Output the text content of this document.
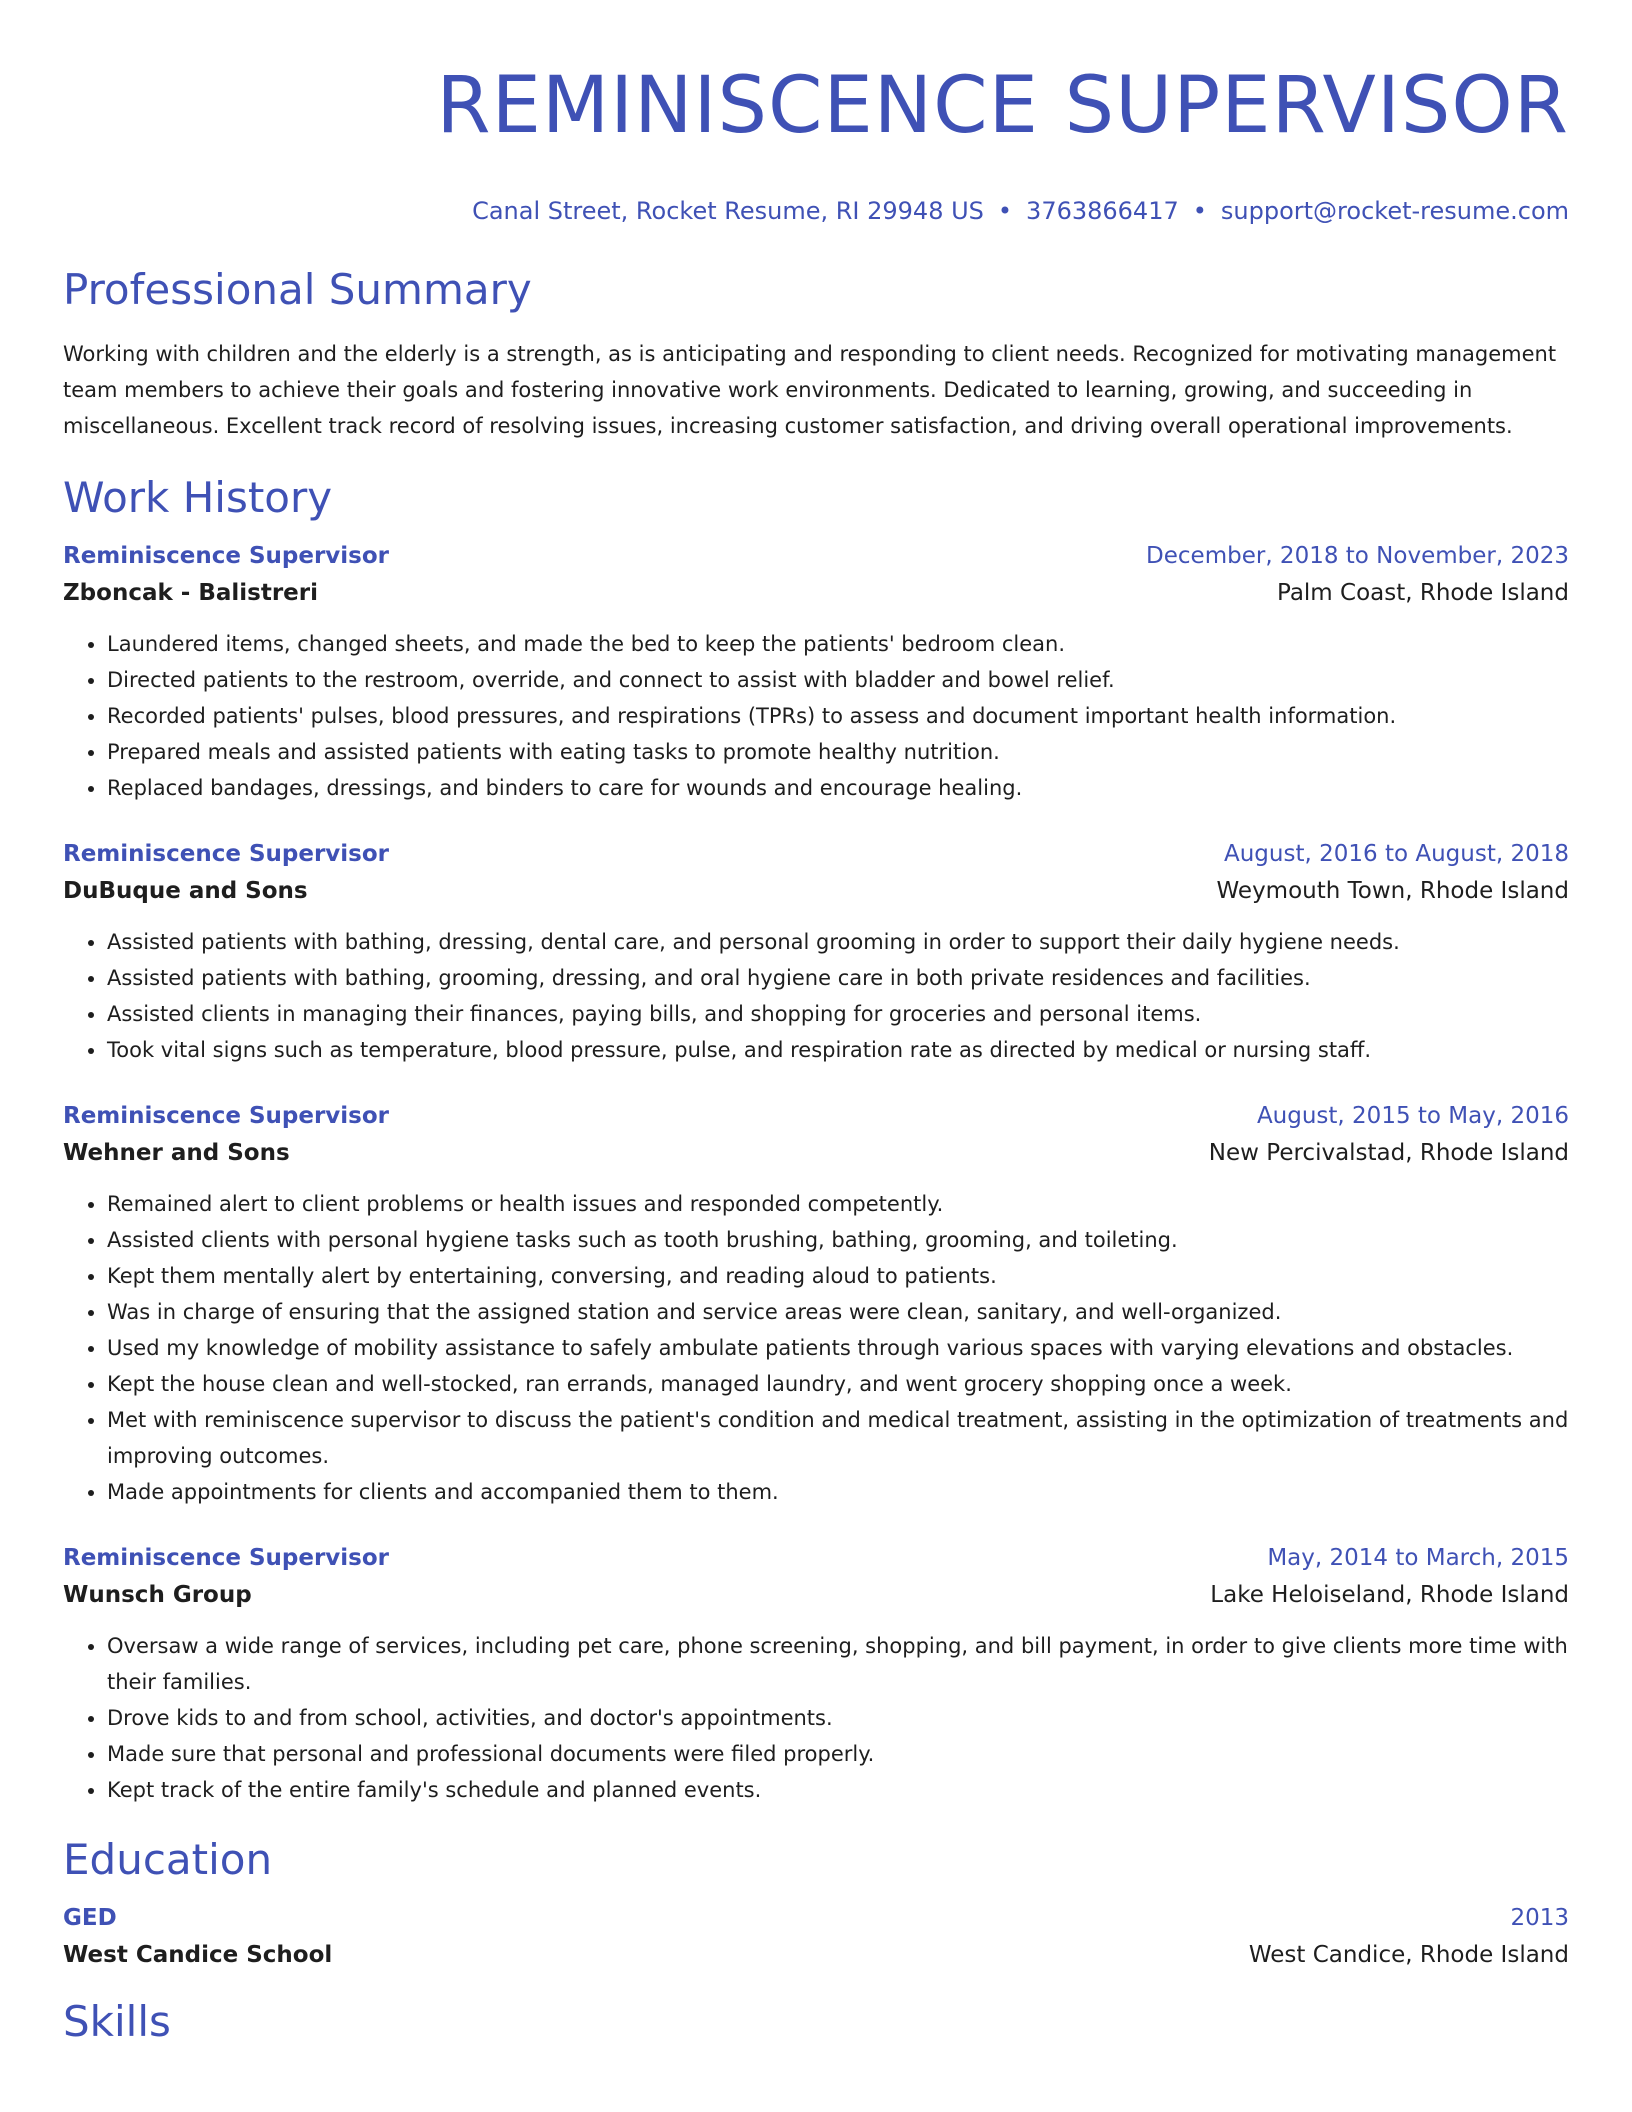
REMINISCENCE SUPERVISOR
Canal Street, Rocket Resume, RI 29948 US • 3763866417 • support@rocket-resume.com
Professional Summary

Working with children and the elderly is a strength, as is anticipating and responding to client needs. Recognized for motivating management team members to achieve their goals and fostering innovative work environments. Dedicated to learning, growing, and succeeding in miscellaneous. Excellent track record of resolving issues, increasing customer satisfaction, and driving overall operational improvements.

Work History
Reminiscence Supervisor	December, 2018 to November, 2023
Zboncak - Balistreri	Palm Coast, Rhode Island
• Laundered items, changed sheets, and made the bed to keep the patients' bedroom clean.
• Directed patients to the restroom, override, and connect to assist with bladder and bowel relief.
• Recorded patients' pulses, blood pressures, and respirations (TPRs) to assess and document important health information.
• Prepared meals and assisted patients with eating tasks to promote healthy nutrition.
• Replaced bandages, dressings, and binders to care for wounds and encourage healing.
Reminiscence Supervisor	August, 2016 to August, 2018
DuBuque and Sons	Weymouth Town, Rhode Island
• Assisted patients with bathing, dressing, dental care, and personal grooming in order to support their daily hygiene needs.
• Assisted patients with bathing, grooming, dressing, and oral hygiene care in both private residences and facilities.
• Assisted clients in managing their finances, paying bills, and shopping for groceries and personal items.
• Took vital signs such as temperature, blood pressure, pulse, and respiration rate as directed by medical or nursing staff.
Reminiscence Supervisor	August, 2015 to May, 2016
Wehner and Sons	New Percivalstad, Rhode Island
• Remained alert to client problems or health issues and responded competently.
• Assisted clients with personal hygiene tasks such as tooth brushing, bathing, grooming, and toileting.
• Kept them mentally alert by entertaining, conversing, and reading aloud to patients.
• Was in charge of ensuring that the assigned station and service areas were clean, sanitary, and well-organized.
• Used my knowledge of mobility assistance to safely ambulate patients through various spaces with varying elevations and obstacles.
• Kept the house clean and well-stocked, ran errands, managed laundry, and went grocery shopping once a week.
• Met with reminiscence supervisor to discuss the patient's condition and medical treatment, assisting in the optimization of treatments and improving outcomes.
• Made appointments for clients and accompanied them to them.
Reminiscence Supervisor	May, 2014 to March, 2015
Wunsch Group	Lake Heloiseland, Rhode Island
• Oversaw a wide range of services, including pet care, phone screening, shopping, and bill payment, in order to give clients more time with their families.
• Drove kids to and from school, activities, and doctor's appointments.
• Made sure that personal and professional documents were filed properly.
• Kept track of the entire family's schedule and planned events.
Education
GED	2013
West Candice School	West Candice, Rhode Island
Skills
